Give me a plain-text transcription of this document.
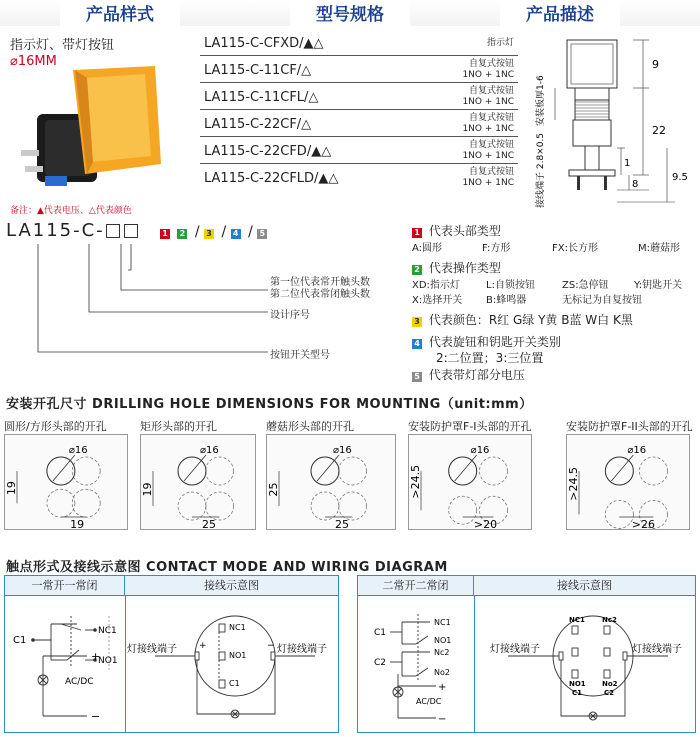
产品样式	型号规格	产品描述
指示灯、带灯按钮
⌀16MM
备注：▲代表电压、△代表颜色
LA115-C-CFXD/▲△	指示灯
LA115-C-11CF/△	自复式按钮
1NO + 1NC
LA115-C-11CFL/△	自复式按钮
1NO + 1NC
LA115-C-22CF/△	自复式按钮
1NO + 1NC
LA115-C-22CFD/▲△	自复式按钮
1NO + 1NC
LA115-C-22CFLD/▲△	自复式按钮
1NO + 1NC
9
22
1
8
9.5
安装板厚1-6
接线端子 2.8×0.5
LA115-C-	1 2 / 3 / 4 / 5
第一位代表常开触头数
第二位代表常闭触头数
设计序号
按钮开关型号
1 代表头部类型
A:圆形	F:方形	FX:长方形	M:蘑菇形
2 代表操作类型
XD:指示灯	L:自锁按钮	ZS:急停钮	Y:钥匙开关
X:选择开关 B:蜂鸣器	无标记为自复按钮
3 代表颜色：R红 G绿 Y黄 B蓝 W白 K黑
4 代表旋钮和钥匙开关类别
2:二位置；3:三位置
5 代表带灯部分电压
安装开孔尺寸 DRILLING HOLE DIMENSIONS FOR MOUNTING（unit:mm）
圆形/方形头部的开孔
⌀16
19
19
矩形头部的开孔
⌀16
19
25
蘑菇形头部的开孔
⌀16
25
25
安装防护罩F-I头部的开孔
⌀16
>24.5
>20
安装防护罩F-II头部的开孔
⌀16
>24.5
>26
触点形式及接线示意图 CONTACT MODE AND WIRING DIAGRAM
一常开一常闭	接线示意图
C1
NC1
NO1
+
−
AC/DC
NC1
NO1
C1
灯接线端子	灯接线端子
+	−
二常开二常闭	接线示意图
C1
C2
NC1
NO1
Nc2
No2
+
−
AC/DC
NC1 Nc2
NO1 No2
C1	C2
灯接线端子	灯接线端子
